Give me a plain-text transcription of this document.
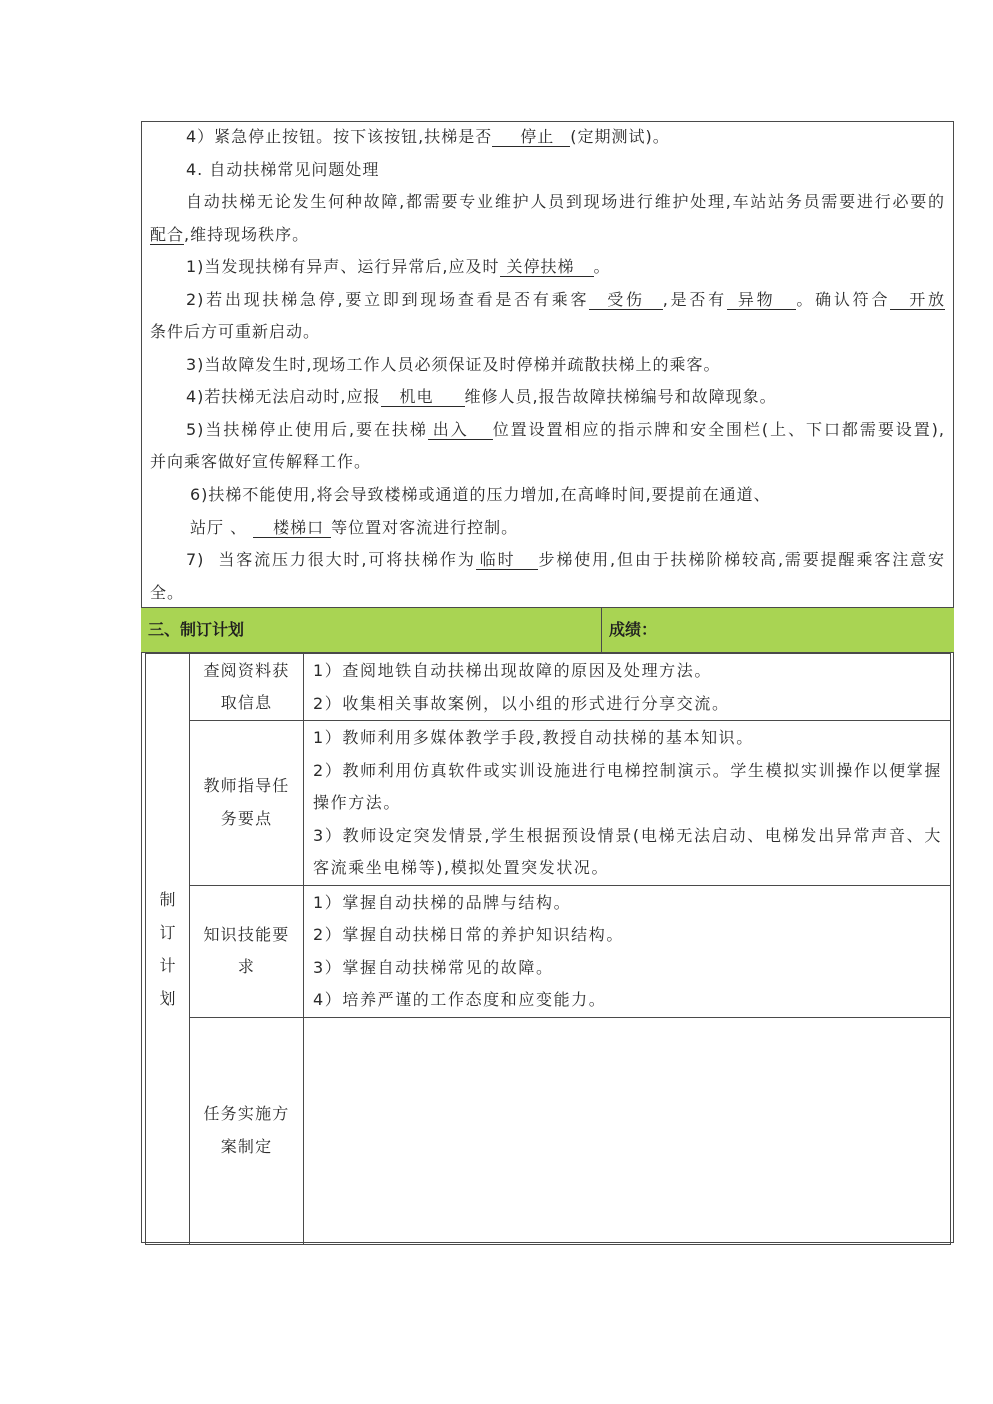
4）紧急停止按钮。按下该按钮,扶梯是否 停止 (定期测试)。
4. 自动扶梯常见问题处理
自动扶梯无论发生何种故障,都需要专业维护人员到现场进行维护处理,车站站务员需要进行必要的
配合,维持现场秩序。
1)当发现扶梯有异声、运行异常后,应及时 关停扶梯 。
2)若出现扶梯急停,要立即到现场查看是否有乘客 受伤 ,是否有 异物 。确认符合 开放
条件后方可重新启动。
3)当故障发生时,现场工作人员必须保证及时停梯并疏散扶梯上的乘客。
4)若扶梯无法启动时,应报 机电 维修人员,报告故障扶梯编号和故障现象。
5)当扶梯停止使用后,要在扶梯 出入 位置设置相应的指示牌和安全围栏(上、下口都需要设置),
并向乘客做好宣传解释工作。
6)扶梯不能使用,将会导致楼梯或通道的压力增加,在高峰时间,要提前在通道、
站厅 、 楼梯口 等位置对客流进行控制。
7)  当客流压力很大时,可将扶梯作为 临时 步梯使用,但由于扶梯阶梯较高,需要提醒乘客注意安
全。
三、制订计划	成绩：
制订计划	查阅资料获取信息	1）查阅地铁自动扶梯出现故障的原因及处理方法。
2）收集相关事故案例，以小组的形式进行分享交流。

	教师指导任务要点	1）教师利用多媒体教学手段,教授自动扶梯的基本知识。
2）教师利用仿真软件或实训设施进行电梯控制演示。学生模拟实训操作以便掌握操作方法。
3）教师设定突发情景,学生根据预设情景(电梯无法启动、电梯发出异常声音、大客流乘坐电梯等),模拟处置突发状况。

	知识技能要求	1）掌握自动扶梯的品牌与结构。
2）掌握自动扶梯日常的养护知识结构。
3）掌握自动扶梯常见的故障。
4）培养严谨的工作态度和应变能力。

	任务实施方案制定	
